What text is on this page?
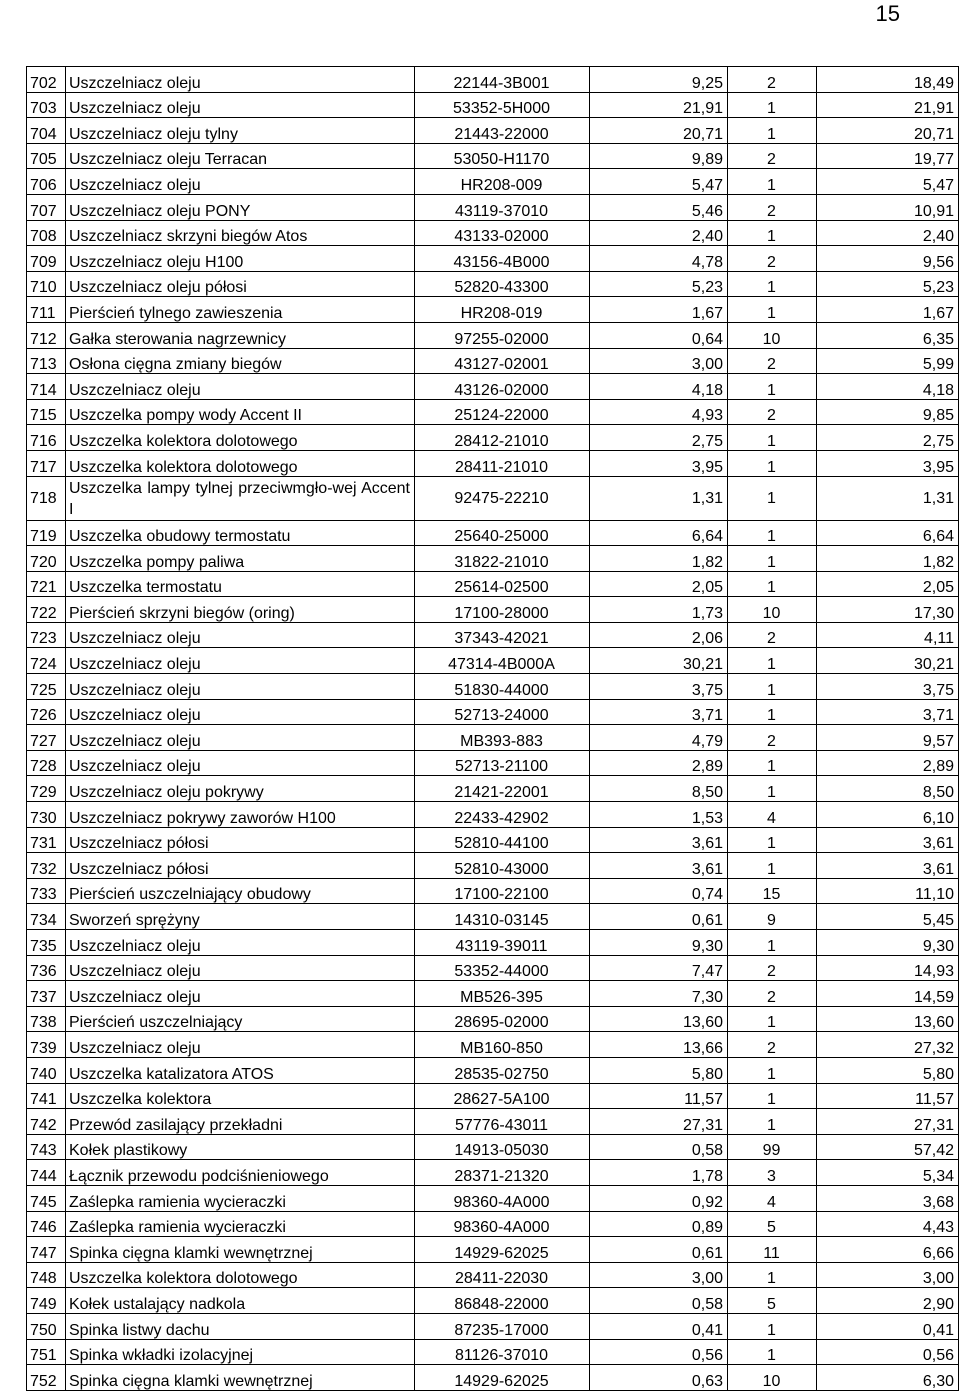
15
702	Uszczelniacz oleju	22144-3B001	9,25	2	18,49
703	Uszczelniacz oleju	53352-5H000	21,91	1	21,91
704	Uszczelniacz oleju tylny	21443-22000	20,71	1	20,71
705	Uszczelniacz oleju Terracan	53050-H1170	9,89	2	19,77
706	Uszczelniacz oleju	HR208-009	5,47	1	5,47
707	Uszczelniacz oleju PONY	43119-37010	5,46	2	10,91
708	Uszczelniacz skrzyni biegów Atos	43133-02000	2,40	1	2,40
709	Uszczelniacz oleju H100	43156-4B000	4,78	2	9,56
710	Uszczelniacz oleju półosi	52820-43300	5,23	1	5,23
711	Pierścień tylnego zawieszenia	HR208-019	1,67	1	1,67
712	Gałka sterowania nagrzewnicy	97255-02000	0,64	10	6,35
713	Osłona cięgna zmiany biegów	43127-02001	3,00	2	5,99
714	Uszczelniacz oleju	43126-02000	4,18	1	4,18
715	Uszczelka pompy wody Accent II	25124-22000	4,93	2	9,85
716	Uszczelka kolektora dolotowego	28412-21010	2,75	1	2,75
717	Uszczelka kolektora dolotowego	28411-21010	3,95	1	3,95
718	Uszczelka lampy tylnej przeciwmgło-wej Accent I	92475-22210	1,31	1	1,31
719	Uszczelka obudowy termostatu	25640-25000	6,64	1	6,64
720	Uszczelka pompy paliwa	31822-21010	1,82	1	1,82
721	Uszczelka termostatu	25614-02500	2,05	1	2,05
722	Pierścień skrzyni biegów (oring)	17100-28000	1,73	10	17,30
723	Uszczelniacz oleju	37343-42021	2,06	2	4,11
724	Uszczelniacz oleju	47314-4B000A	30,21	1	30,21
725	Uszczelniacz oleju	51830-44000	3,75	1	3,75
726	Uszczelniacz oleju	52713-24000	3,71	1	3,71
727	Uszczelniacz oleju	MB393-883	4,79	2	9,57
728	Uszczelniacz oleju	52713-21100	2,89	1	2,89
729	Uszczelniacz oleju pokrywy	21421-22001	8,50	1	8,50
730	Uszczelniacz pokrywy zaworów H100	22433-42902	1,53	4	6,10
731	Uszczelniacz półosi	52810-44100	3,61	1	3,61
732	Uszczelniacz półosi	52810-43000	3,61	1	3,61
733	Pierścień uszczelniający obudowy	17100-22100	0,74	15	11,10
734	Sworzeń sprężyny	14310-03145	0,61	9	5,45
735	Uszczelniacz oleju	43119-39011	9,30	1	9,30
736	Uszczelniacz oleju	53352-44000	7,47	2	14,93
737	Uszczelniacz oleju	MB526-395	7,30	2	14,59
738	Pierścień uszczelniający	28695-02000	13,60	1	13,60
739	Uszczelniacz oleju	MB160-850	13,66	2	27,32
740	Uszczelka katalizatora ATOS	28535-02750	5,80	1	5,80
741	Uszczelka kolektora	28627-5A100	11,57	1	11,57
742	Przewód zasilający przekładni	57776-43011	27,31	1	27,31
743	Kołek plastikowy	14913-05030	0,58	99	57,42
744	Łącznik przewodu podciśnieniowego	28371-21320	1,78	3	5,34
745	Zaślepka ramienia wycieraczki	98360-4A000	0,92	4	3,68
746	Zaślepka ramienia wycieraczki	98360-4A000	0,89	5	4,43
747	Spinka cięgna klamki wewnętrznej	14929-62025	0,61	11	6,66
748	Uszczelka kolektora dolotowego	28411-22030	3,00	1	3,00
749	Kołek ustalający nadkola	86848-22000	0,58	5	2,90
750	Spinka listwy dachu	87235-17000	0,41	1	0,41
751	Spinka wkładki izolacyjnej	81126-37010	0,56	1	0,56
752	Spinka cięgna klamki wewnętrznej	14929-62025	0,63	10	6,30
